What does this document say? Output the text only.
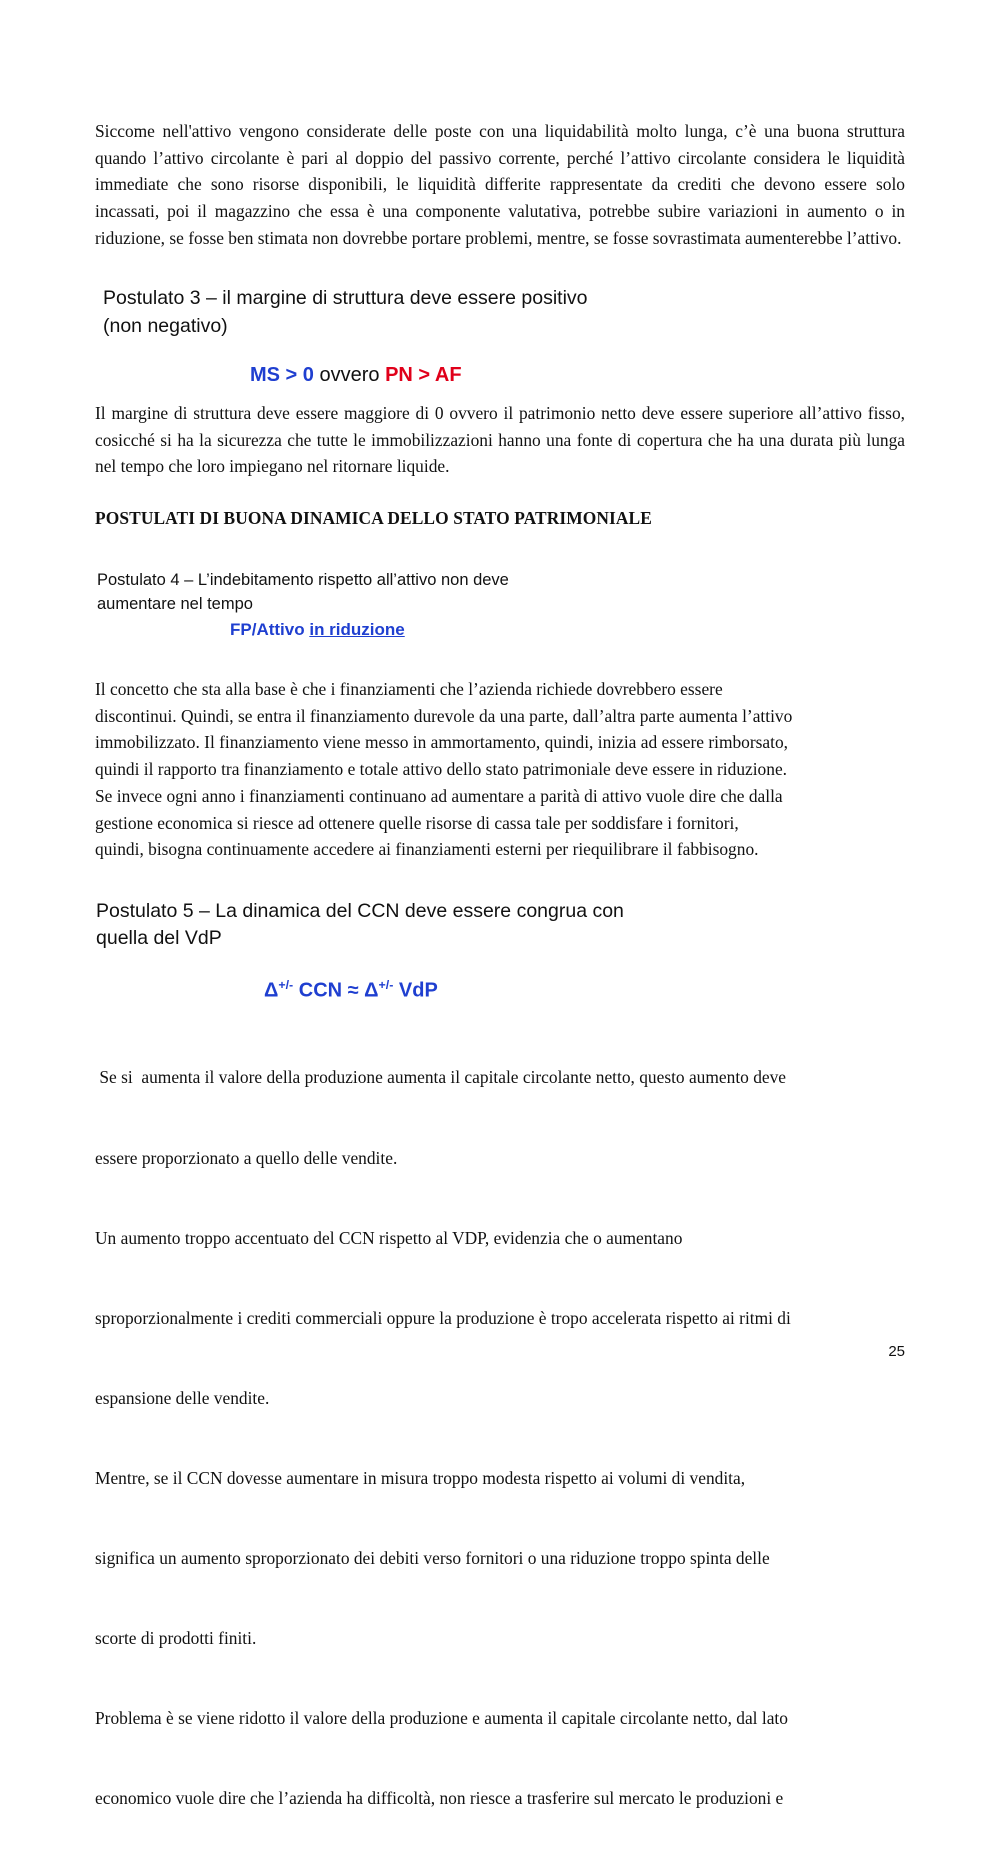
Siccome nell'attivo vengono considerate delle poste con una liquidabilità molto lunga, c’è una buona struttura quando l’attivo circolante è pari al doppio del passivo corrente, perché l’attivo circolante considera le liquidità immediate che sono risorse disponibili, le liquidità differite rappresentate da crediti che devono essere solo incassati, poi il magazzino che essa è una componente valutativa, potrebbe subire variazioni in aumento o in riduzione, se fosse ben stimata non dovrebbe portare problemi, mentre, se fosse sovrastimata aumenterebbe l’attivo.

Postulato 3 – il margine di struttura deve essere positivo
(non negativo)

MS > 0 ovvero PN > AF

Il margine di struttura deve essere maggiore di 0 ovvero il patrimonio netto deve essere superiore all’attivo fisso, cosicché si ha la sicurezza che tutte le immobilizzazioni hanno una fonte di copertura che ha una durata più lunga nel tempo che loro impiegano nel ritornare liquide.

POSTULATI DI BUONA DINAMICA DELLO STATO PATRIMONIALE

Postulato 4 – L’indebitamento rispetto all’attivo non deve
aumentare nel tempo

FP/Attivo in riduzione

Il concetto che sta alla base è che i finanziamenti che l’azienda richiede dovrebbero essere
discontinui. Quindi, se entra il finanziamento durevole da una parte, dall’altra parte aumenta l’attivo
immobilizzato. Il finanziamento viene messo in ammortamento, quindi, inizia ad essere rimborsato,
quindi il rapporto tra finanziamento e totale attivo dello stato patrimoniale deve essere in riduzione.
Se invece ogni anno i finanziamenti continuano ad aumentare a parità di attivo vuole dire che dalla
gestione economica si riesce ad ottenere quelle risorse di cassa tale per soddisfare i fornitori,
quindi, bisogna continuamente accedere ai finanziamenti esterni per riequilibrare il fabbisogno.

Postulato 5 – La dinamica del CCN deve essere congrua con
quella del VdP

Δ+/- CCN ≈ Δ+/- VdP

Se si  aumenta il valore della produzione aumenta il capitale circolante netto, questo aumento deve

essere proporzionato a quello delle vendite.

Un aumento troppo accentuato del CCN rispetto al VDP, evidenzia che o aumentano

sproporzionalmente i crediti commerciali oppure la produzione è tropo accelerata rispetto ai ritmi di

espansione delle vendite.

Mentre, se il CCN dovesse aumentare in misura troppo modesta rispetto ai volumi di vendita,

significa un aumento sproporzionato dei debiti verso fornitori o una riduzione troppo spinta delle

scorte di prodotti finiti.

Problema è se viene ridotto il valore della produzione e aumenta il capitale circolante netto, dal lato

economico vuole dire che l’azienda ha difficoltà, non riesce a trasferire sul mercato le produzioni e

25
